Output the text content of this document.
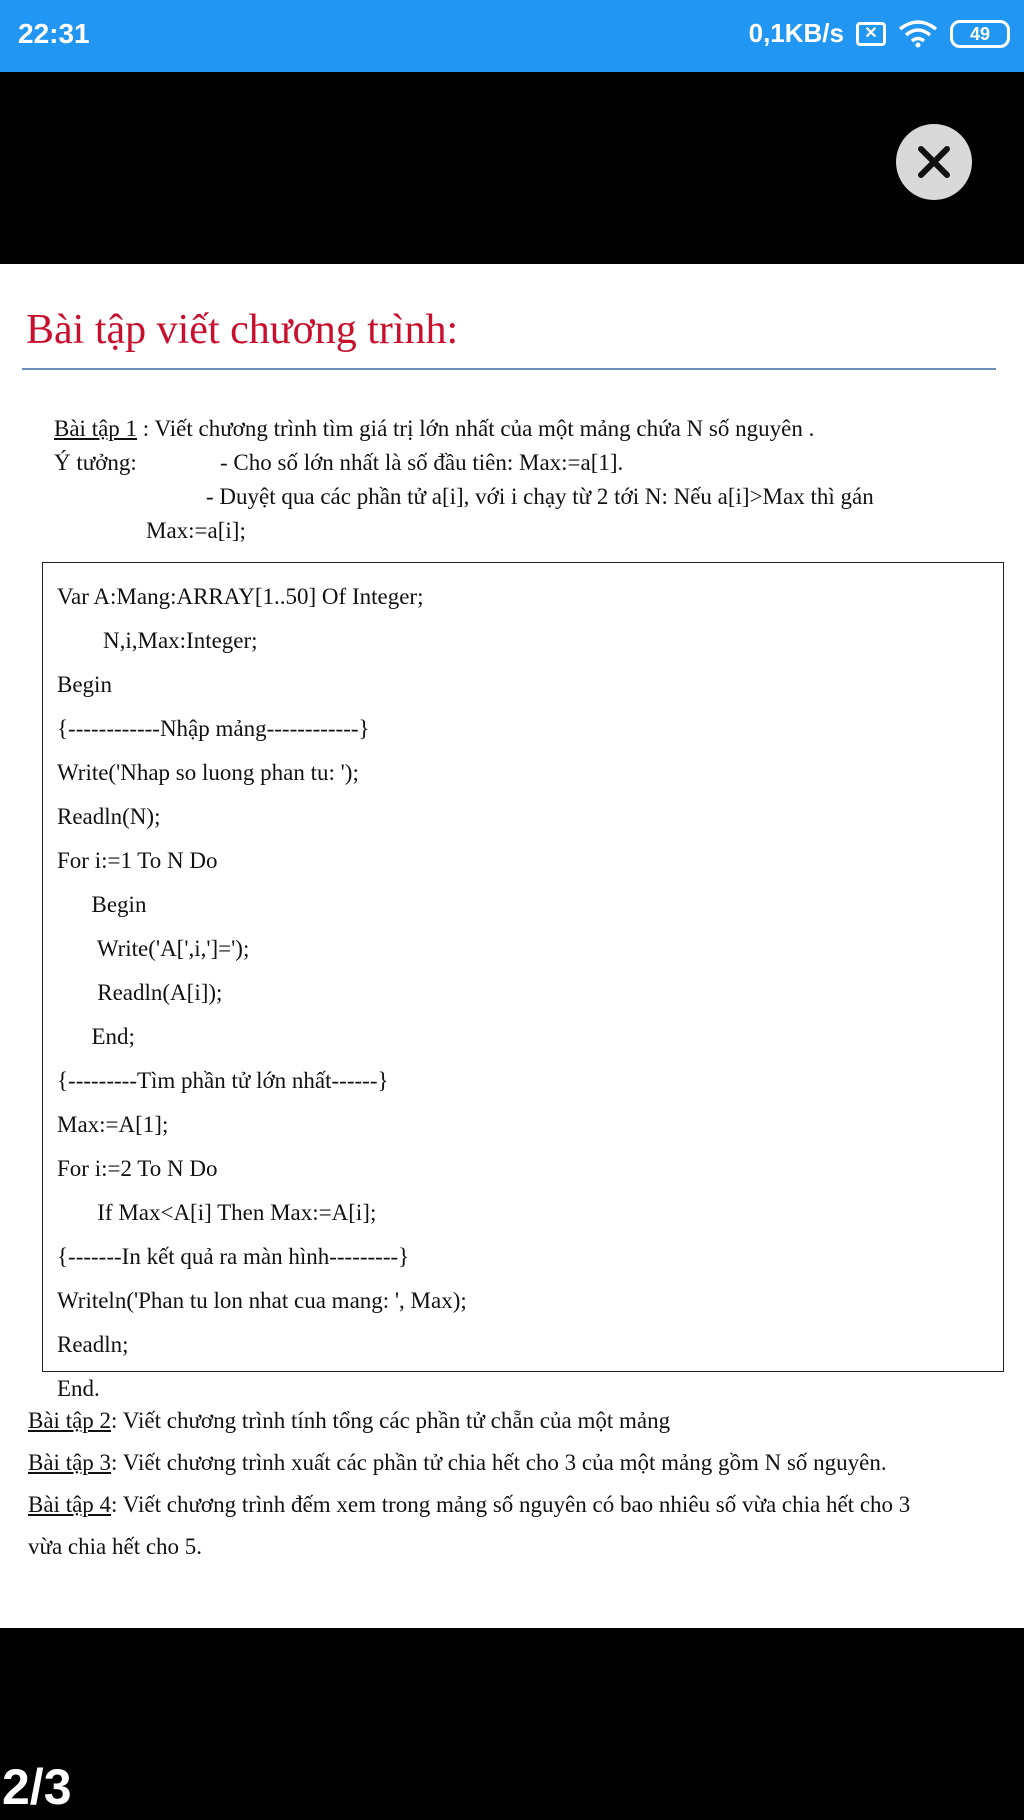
22:31	0,1KB/s	✕	49
Bài tập viết chương trình:
Bài tập 1 : Viết chương trình tìm giá trị lớn nhất của một mảng chứa N số nguyên .
Ý tưởng:	- Cho số lớn nhất là số đầu tiên: Max:=a[1].
- Duyệt qua các phần tử a[i], với i chạy từ 2 tới N: Nếu a[i]>Max thì gán
Max:=a[i];
Var A:Mang:ARRAY[1..50] Of Integer;
N,i,Max:Integer;
Begin
{------------Nhập mảng------------}
Write('Nhap so luong phan tu: ');
Readln(N);
For i:=1 To N Do
Begin
Write('A[',i,']=');
Readln(A[i]);
End;
{---------Tìm phần tử lớn nhất------}
Max:=A[1];
For i:=2 To N Do
If Max<A[i] Then Max:=A[i];
{-------In kết quả ra màn hình---------}
Writeln('Phan tu lon nhat cua mang: ', Max);
Readln;
End.
Bài tập 2: Viết chương trình tính tổng các phần tử chẵn của một mảng
Bài tập 3: Viết chương trình xuất các phần tử chia hết cho 3 của một mảng gồm N số nguyên.
Bài tập 4: Viết chương trình đếm xem trong mảng số nguyên có bao nhiêu số vừa chia hết cho 3
vừa chia hết cho 5.
2/3
